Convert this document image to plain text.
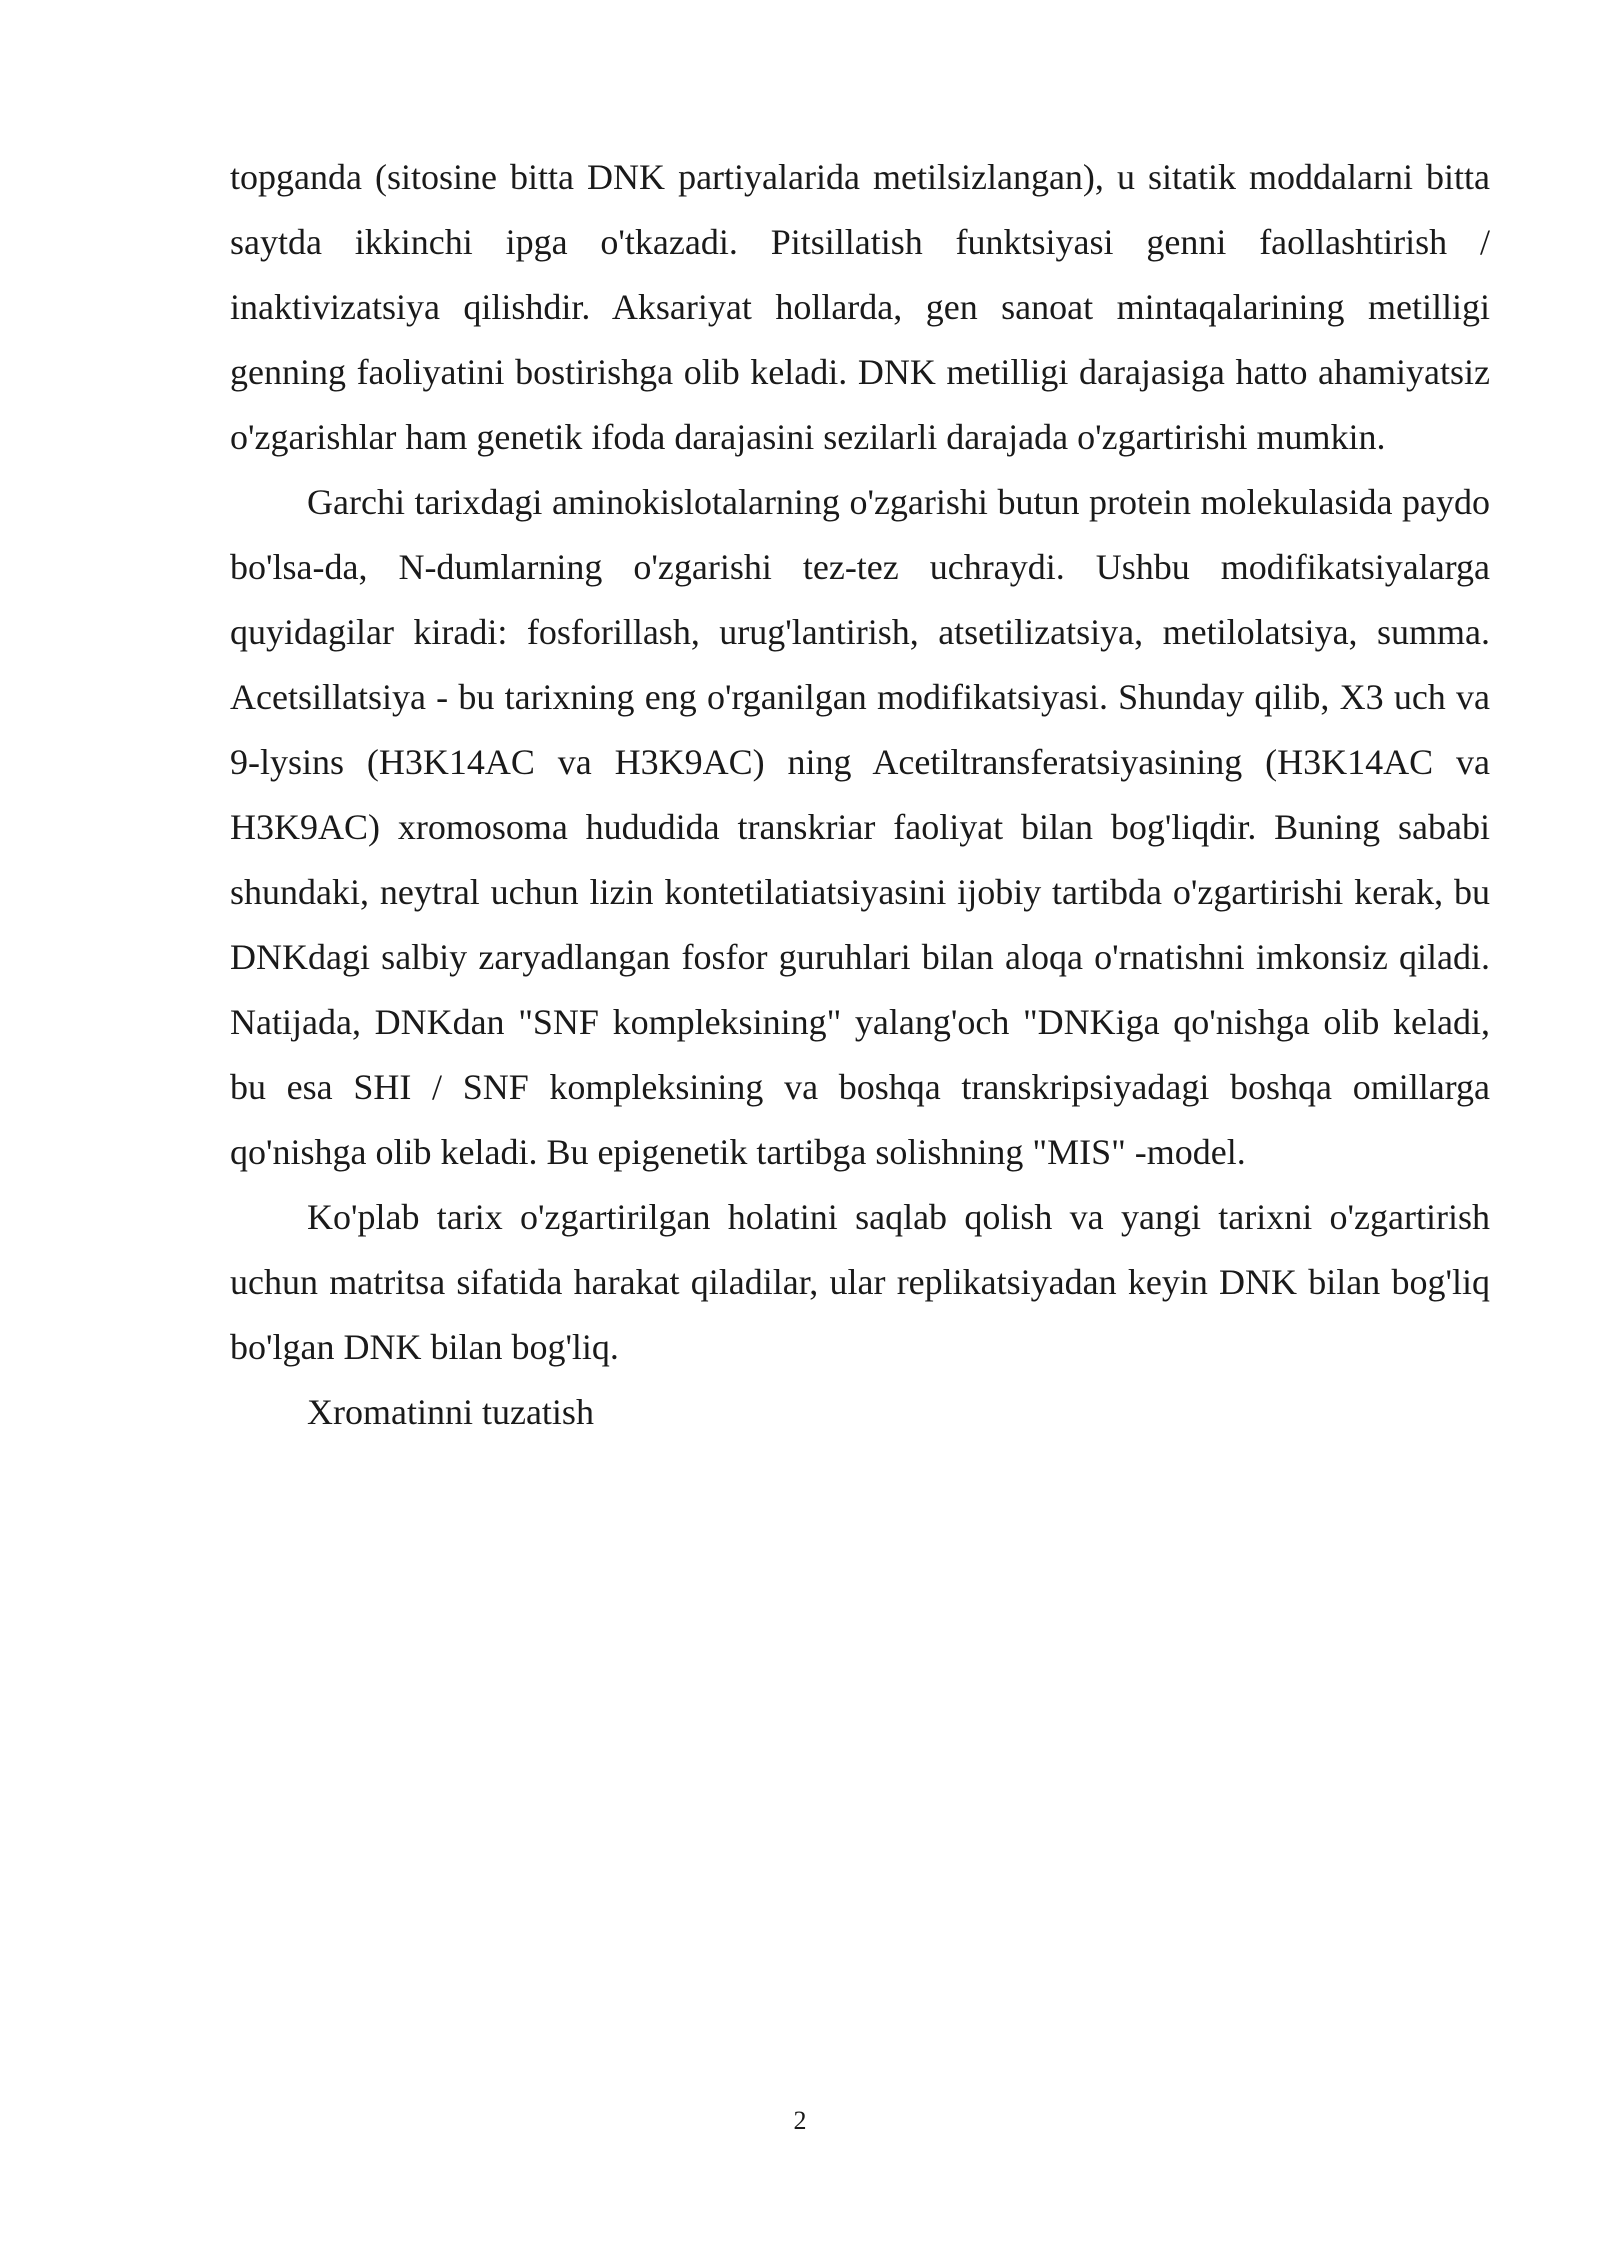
topganda (sitosine bitta DNK partiyalarida metilsizlangan), u sitatik moddalarni bitta saytda ikkinchi ipga o'tkazadi. Pitsillatish funktsiyasi genni faollashtirish / inaktivizatsiya qilishdir. Aksariyat hollarda, gen sanoat mintaqalarining metilligi genning faoliyatini bostirishga olib keladi. DNK metilligi darajasiga hatto ahamiyatsiz o'zgarishlar ham genetik ifoda darajasini sezilarli darajada o'zgartirishi mumkin.

Garchi tarixdagi aminokislotalarning o'zgarishi butun protein molekulasida paydo bo'lsa-da, N-dumlarning o'zgarishi tez-tez uchraydi. Ushbu modifikatsiyalarga quyidagilar kiradi: fosforillash, urug'lantirish, atsetilizatsiya, metilolatsiya, summa. Acetsillatsiya - bu tarixning eng o'rganilgan modifikatsiyasi. Shunday qilib, X3 uch va 9-lysins (H3K14AC va H3K9AC) ning Acetiltransferatsiyasining (H3K14AC va H3K9AC) xromosoma hududida transkriar faoliyat bilan bog'liqdir. Buning sababi shundaki, neytral uchun lizin kontetilatiatsiyasini ijobiy tartibda o'zgartirishi kerak, bu DNKdagi salbiy zaryadlangan fosfor guruhlari bilan aloqa o'rnatishni imkonsiz qiladi. Natijada, DNKdan "SNF kompleksining" yalang'och "DNKiga qo'nishga olib keladi, bu esa SHI / SNF kompleksining va boshqa transkripsiyadagi boshqa omillarga qo'nishga olib keladi. Bu epigenetik tartibga solishning "MIS" -model.

Ko'plab tarix o'zgartirilgan holatini saqlab qolish va yangi tarixni o'zgartirish uchun matritsa sifatida harakat qiladilar, ular replikatsiyadan keyin DNK bilan bog'liq bo'lgan DNK bilan bog'liq.

Xromatinni tuzatish

2
